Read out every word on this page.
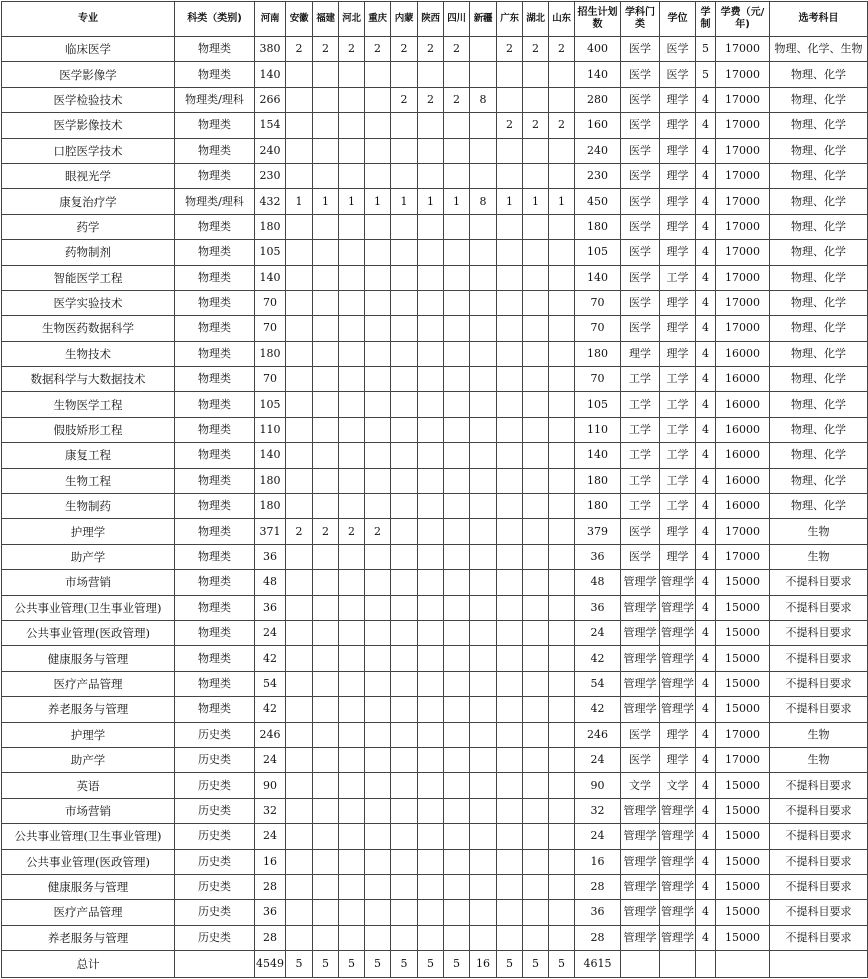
专业	科类（类别)	河南	安徽	福建	河北	重庆	内蒙	陕西	四川	新疆	广东	湖北	山东	招生计划数	学科门类	学位	学制	学费（元/年)	选考科目
临床医学	物理类	380	2	2	2	2	2	2	2		2	2	2	400	医学	医学	5	17000	物理、化学、生物
医学影像学	物理类	140												140	医学	医学	5	17000	物理、化学
医学检验技术	物理类/理科	266					2	2	2	8				280	医学	理学	4	17000	物理、化学
医学影像技术	物理类	154									2	2	2	160	医学	理学	4	17000	物理、化学
口腔医学技术	物理类	240												240	医学	理学	4	17000	物理、化学
眼视光学	物理类	230												230	医学	理学	4	17000	物理、化学
康复治疗学	物理类/理科	432	1	1	1	1	1	1	1	8	1	1	1	450	医学	理学	4	17000	物理、化学
药学	物理类	180												180	医学	理学	4	17000	物理、化学
药物制剂	物理类	105												105	医学	理学	4	17000	物理、化学
智能医学工程	物理类	140												140	医学	工学	4	17000	物理、化学
医学实验技术	物理类	70												70	医学	理学	4	17000	物理、化学
生物医药数据科学	物理类	70												70	医学	理学	4	17000	物理、化学
生物技术	物理类	180												180	理学	理学	4	16000	物理、化学
数据科学与大数据技术	物理类	70												70	工学	工学	4	16000	物理、化学
生物医学工程	物理类	105												105	工学	工学	4	16000	物理、化学
假肢矫形工程	物理类	110												110	工学	工学	4	16000	物理、化学
康复工程	物理类	140												140	工学	工学	4	16000	物理、化学
生物工程	物理类	180												180	工学	工学	4	16000	物理、化学
生物制药	物理类	180												180	工学	工学	4	16000	物理、化学
护理学	物理类	371	2	2	2	2								379	医学	理学	4	17000	生物
助产学	物理类	36												36	医学	理学	4	17000	生物
市场营销	物理类	48												48	管理学	管理学	4	15000	不提科目要求
公共事业管理(卫生事业管理)	物理类	36												36	管理学	管理学	4	15000	不提科目要求
公共事业管理(医政管理)	物理类	24												24	管理学	管理学	4	15000	不提科目要求
健康服务与管理	物理类	42												42	管理学	管理学	4	15000	不提科目要求
医疗产品管理	物理类	54												54	管理学	管理学	4	15000	不提科目要求
养老服务与管理	物理类	42												42	管理学	管理学	4	15000	不提科目要求
护理学	历史类	246												246	医学	理学	4	17000	生物
助产学	历史类	24												24	医学	理学	4	17000	生物
英语	历史类	90												90	文学	文学	4	15000	不提科目要求
市场营销	历史类	32												32	管理学	管理学	4	15000	不提科目要求
公共事业管理(卫生事业管理)	历史类	24												24	管理学	管理学	4	15000	不提科目要求
公共事业管理(医政管理)	历史类	16												16	管理学	管理学	4	15000	不提科目要求
健康服务与管理	历史类	28												28	管理学	管理学	4	15000	不提科目要求
医疗产品管理	历史类	36												36	管理学	管理学	4	15000	不提科目要求
养老服务与管理	历史类	28												28	管理学	管理学	4	15000	不提科目要求
总计		4549	5	5	5	5	5	5	5	16	5	5	5	4615					
